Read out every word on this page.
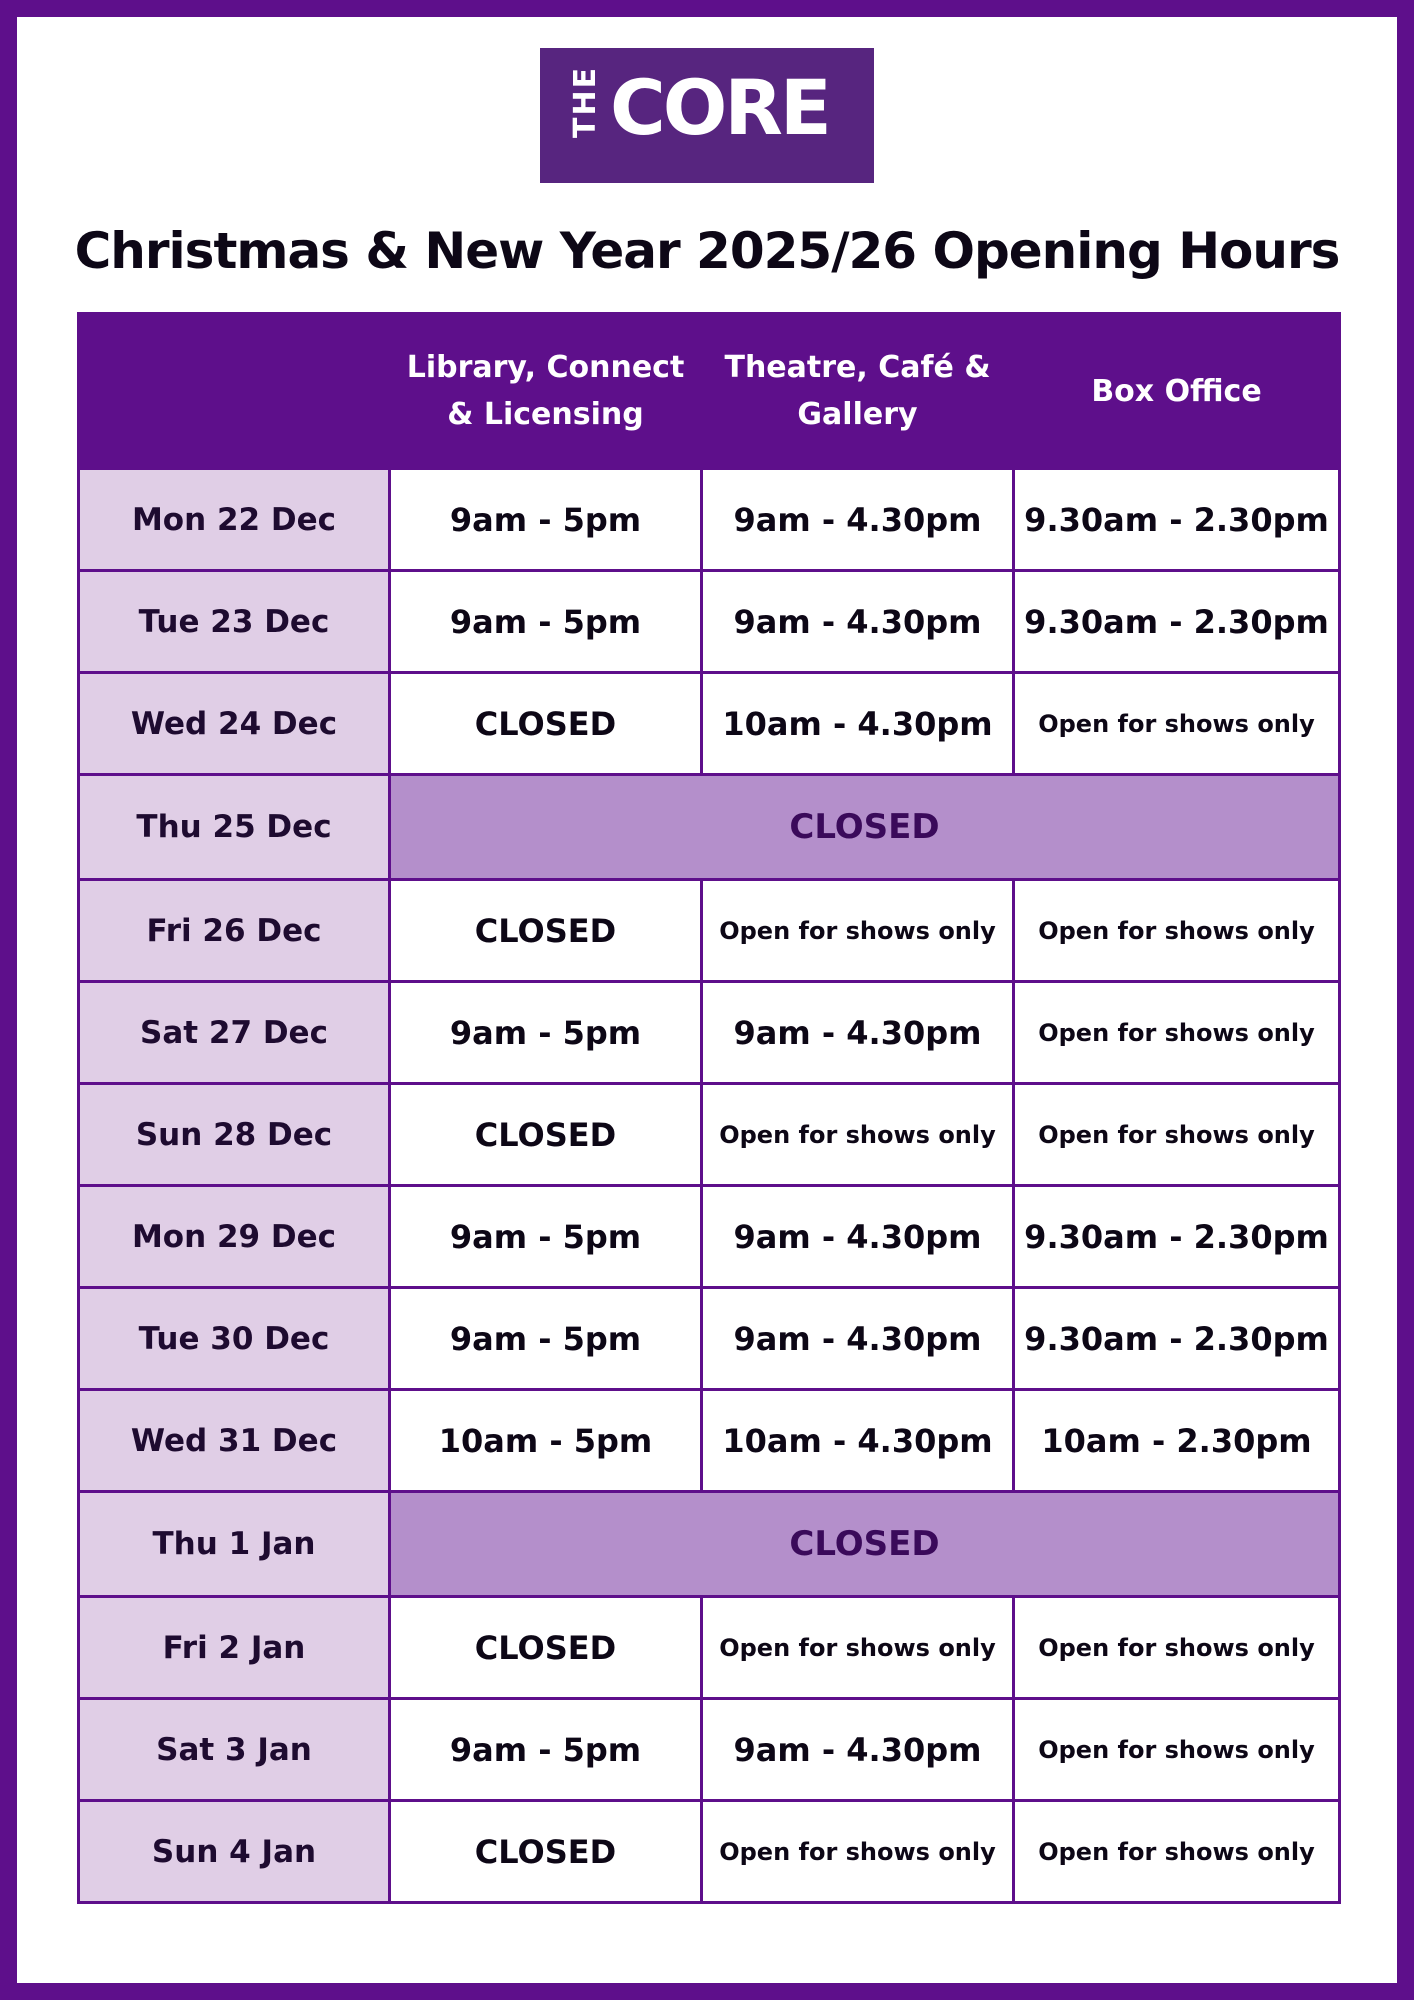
THE CORE
Christmas & New Year 2025/26 Opening Hours
	Library, Connect & Licensing	Theatre, Café & Gallery	Box Office
Mon 22 Dec	9am - 5pm	9am - 4.30pm	9.30am - 2.30pm
Tue 23 Dec	9am - 5pm	9am - 4.30pm	9.30am - 2.30pm
Wed 24 Dec	CLOSED	10am - 4.30pm	Open for shows only
Thu 25 Dec	CLOSED		
Fri 26 Dec	CLOSED	Open for shows only	Open for shows only
Sat 27 Dec	9am - 5pm	9am - 4.30pm	Open for shows only
Sun 28 Dec	CLOSED	Open for shows only	Open for shows only
Mon 29 Dec	9am - 5pm	9am - 4.30pm	9.30am - 2.30pm
Tue 30 Dec	9am - 5pm	9am - 4.30pm	9.30am - 2.30pm
Wed 31 Dec	10am - 5pm	10am - 4.30pm	10am - 2.30pm
Thu 1 Jan	CLOSED		
Fri 2 Jan	CLOSED	Open for shows only	Open for shows only
Sat 3 Jan	9am - 5pm	9am - 4.30pm	Open for shows only
Sun 4 Jan	CLOSED	Open for shows only	Open for shows only
